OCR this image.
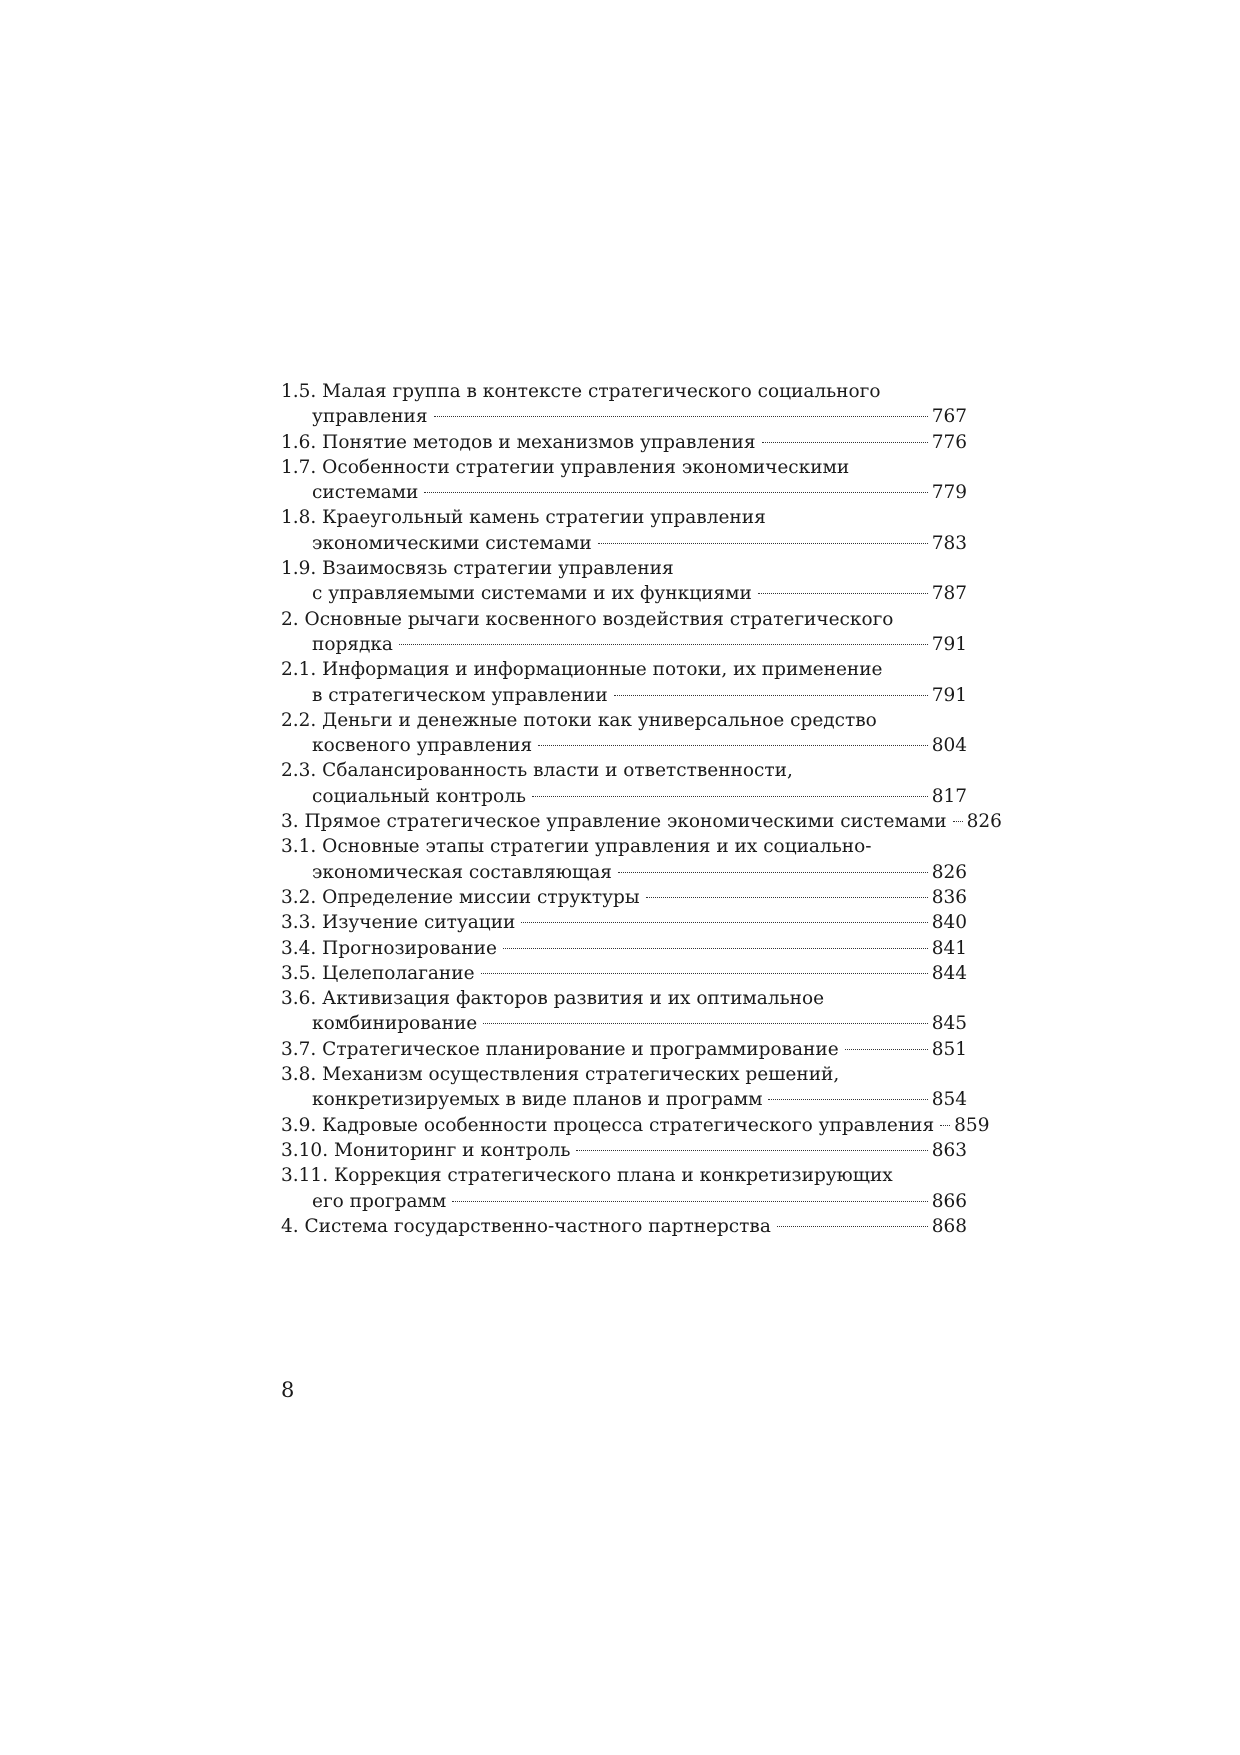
1.5. Малая группа в контексте стратегического социального
управления	767
1.6. Понятие методов и механизмов управления	776
1.7. Особенности стратегии управления экономическими
системами	779
1.8. Краеугольный камень стратегии управления
экономическими системами	783
1.9. Взаимосвязь стратегии управления
с управляемыми системами и их функциями	787
2. Основные рычаги косвенного воздействия стратегического
порядка	791
2.1. Информация и информационные потоки, их применение
в стратегическом управлении	791
2.2. Деньги и денежные потоки как универсальное средство
косвеного управления	804
2.3. Сбалансированность власти и ответственности,
социальный контроль	817
3. Прямое стратегическое управление экономическими системами 826
3.1. Основные этапы стратегии управления и их социально-
экономическая составляющая	826
3.2. Определение миссии структуры	836
3.3. Изучение ситуации	840
3.4. Прогнозирование	841
3.5. Целеполагание	844
3.6. Активизация факторов развития и их оптимальное
комбинирование	845
3.7. Стратегическое планирование и программирование	851
3.8. Механизм осуществления стратегических решений,
конкретизируемых в виде планов и программ	854
3.9. Кадровые особенности процесса стратегического управления 859
3.10. Мониторинг и контроль	863
3.11. Коррекция стратегического плана и конкретизирующих
его программ	866
4. Система государственно-частного партнерства	868
8
